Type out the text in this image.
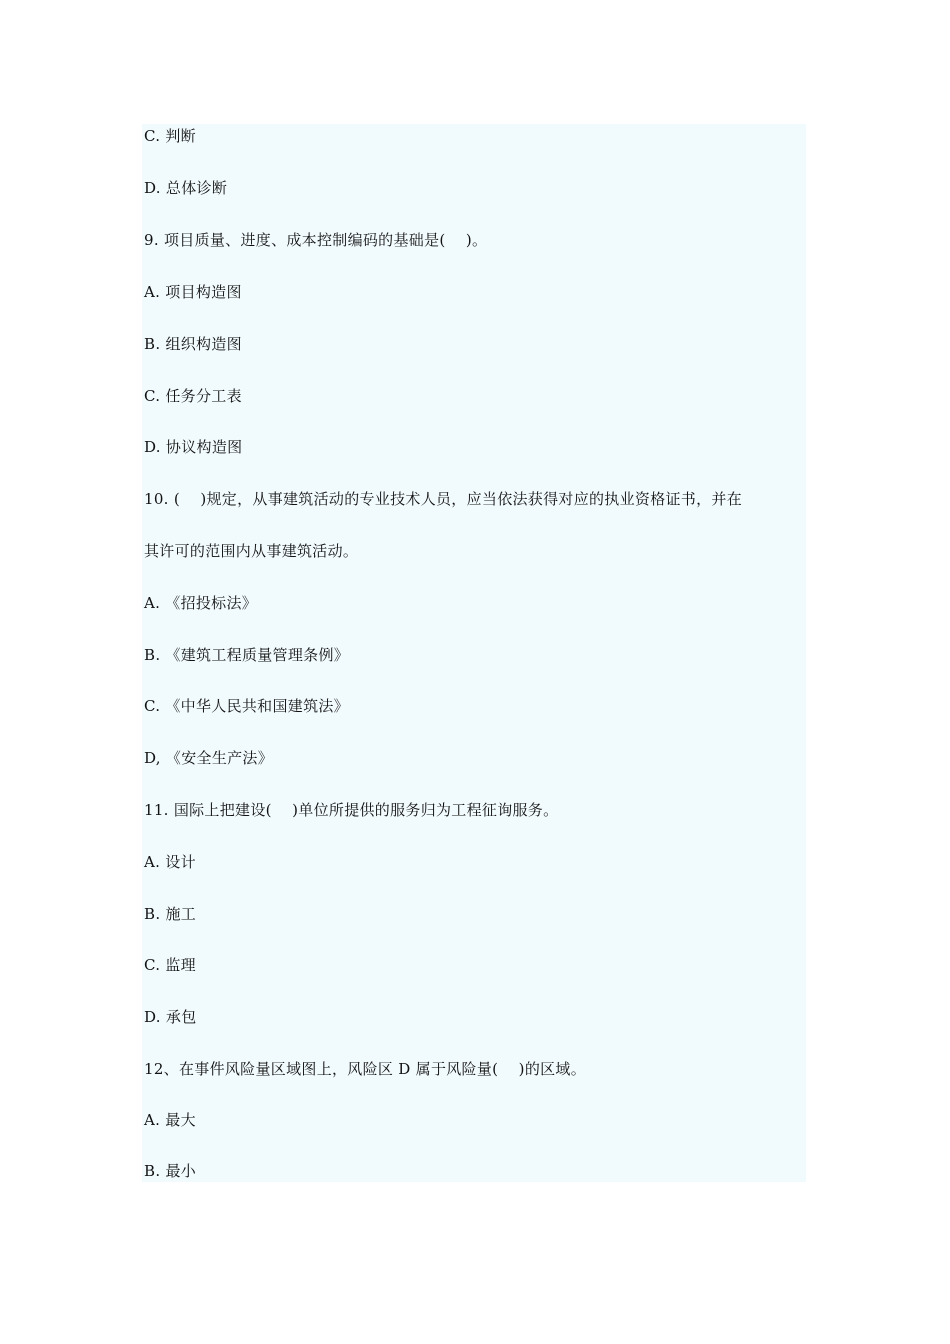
C. 判断
D. 总体诊断
9. 项目质量、进度、成本控制编码的基础是(　 )。
A. 项目构造图
B. 组织构造图
C. 任务分工表
D. 协议构造图
10. (　 )规定，从事建筑活动的专业技术人员，应当依法获得对应的执业资格证书，并在
其许可的范围内从事建筑活动。
A. 《招投标法》
B. 《建筑工程质量管理条例》
C. 《中华人民共和国建筑法》
D, 《安全生产法》
11. 国际上把建设(　 )单位所提供的服务归为工程征询服务。
A. 设计
B. 施工
C. 监理
D. 承包
12、在事件风险量区域图上，风险区 D 属于风险量(　 )的区域。
A. 最大
B. 最小
